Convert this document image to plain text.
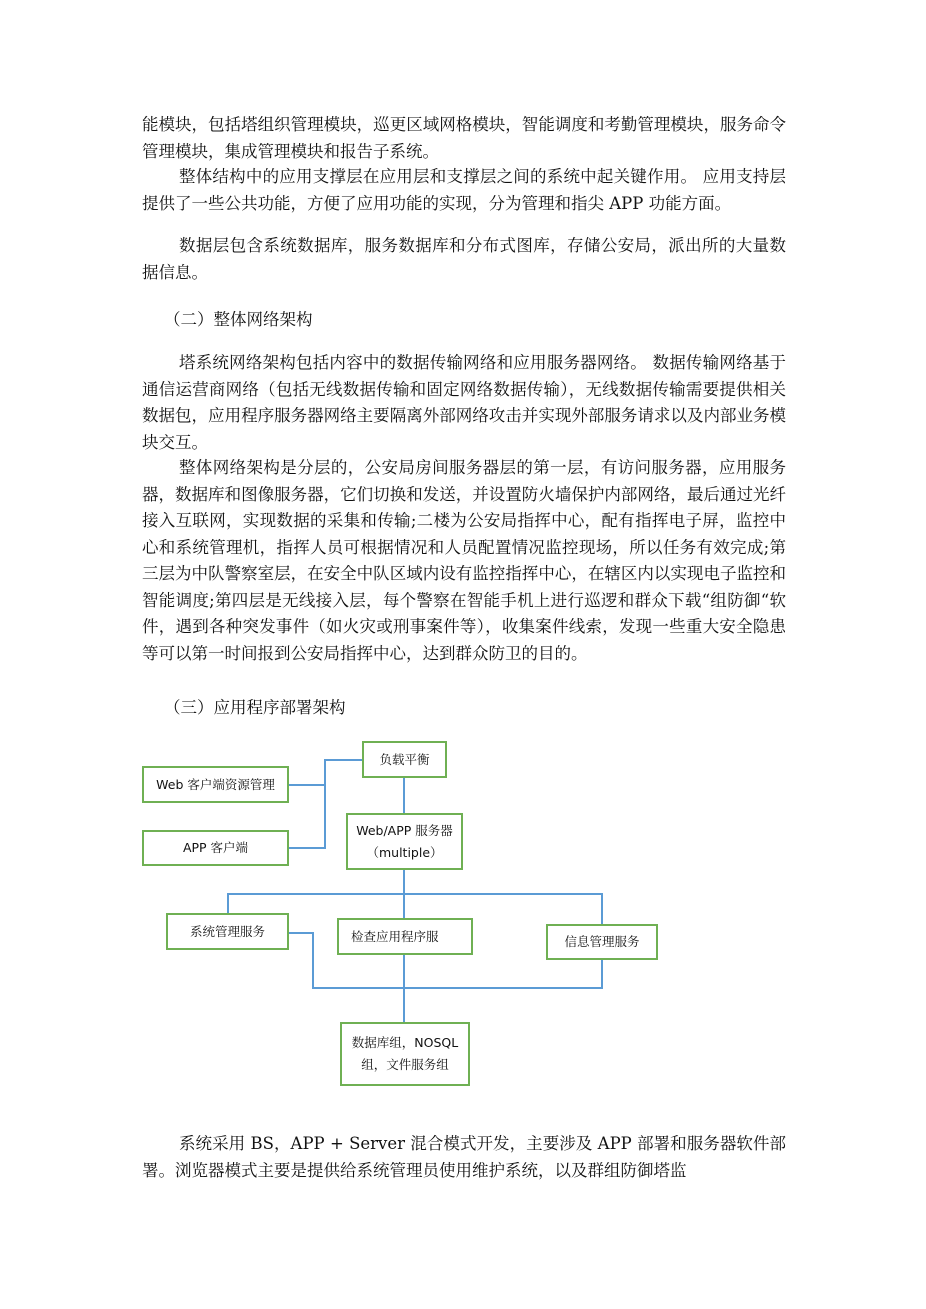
能模块，包括塔组织管理模块，巡更区域网格模块，智能调度和考勤管理模块，服务命令管理模块，集成管理模块和报告子系统。

整体结构中的应用支撑层在应用层和支撑层之间的系统中起关键作用。 应用支持层提供了一些公共功能，方便了应用功能的实现，分为管理和指尖 APP 功能方面。

数据层包含系统数据库，服务数据库和分布式图库，存储公安局，派出所的大量数据信息。

（二）整体网络架构

塔系统网络架构包括内容中的数据传输网络和应用服务器网络。 数据传输网络基于通信运营商网络（包括无线数据传输和固定网络数据传输），无线数据传输需要提供相关数据包，应用程序服务器网络主要隔离外部网络攻击并实现外部服务请求以及内部业务模块交互。

整体网络架构是分层的，公安局房间服务器层的第一层，有访问服务器，应用服务器，数据库和图像服务器，它们切换和发送，并设置防火墙保护内部网络，最后通过光纤接入互联网，实现数据的采集和传输;二楼为公安局指挥中心，配有指挥电子屏，监控中心和系统管理机，指挥人员可根据情况和人员配置情况监控现场，所以任务有效完成;第三层为中队警察室层，在安全中队区域内设有监控指挥中心，在辖区内以实现电子监控和智能调度;第四层是无线接入层，每个警察在智能手机上进行巡逻和群众下载“组防御“软件，遇到各种突发事件（如火灾或刑事案件等），收集案件线索，发现一些重大安全隐患等可以第一时间报到公安局指挥中心，达到群众防卫的目的。

（三）应用程序部署架构

Web 客户端资源管理
APP 客户端
负载平衡
Web/APP 服务器
（multiple）
系统管理服务	检查应用程序服	信息管理服务
数据库组，NOSQL
组，文件服务组

系统采用 BS，APP + Server 混合模式开发，主要涉及 APP 部署和服务器软件部署。浏览器模式主要是提供给系统管理员使用维护系统，以及群组防御塔监
